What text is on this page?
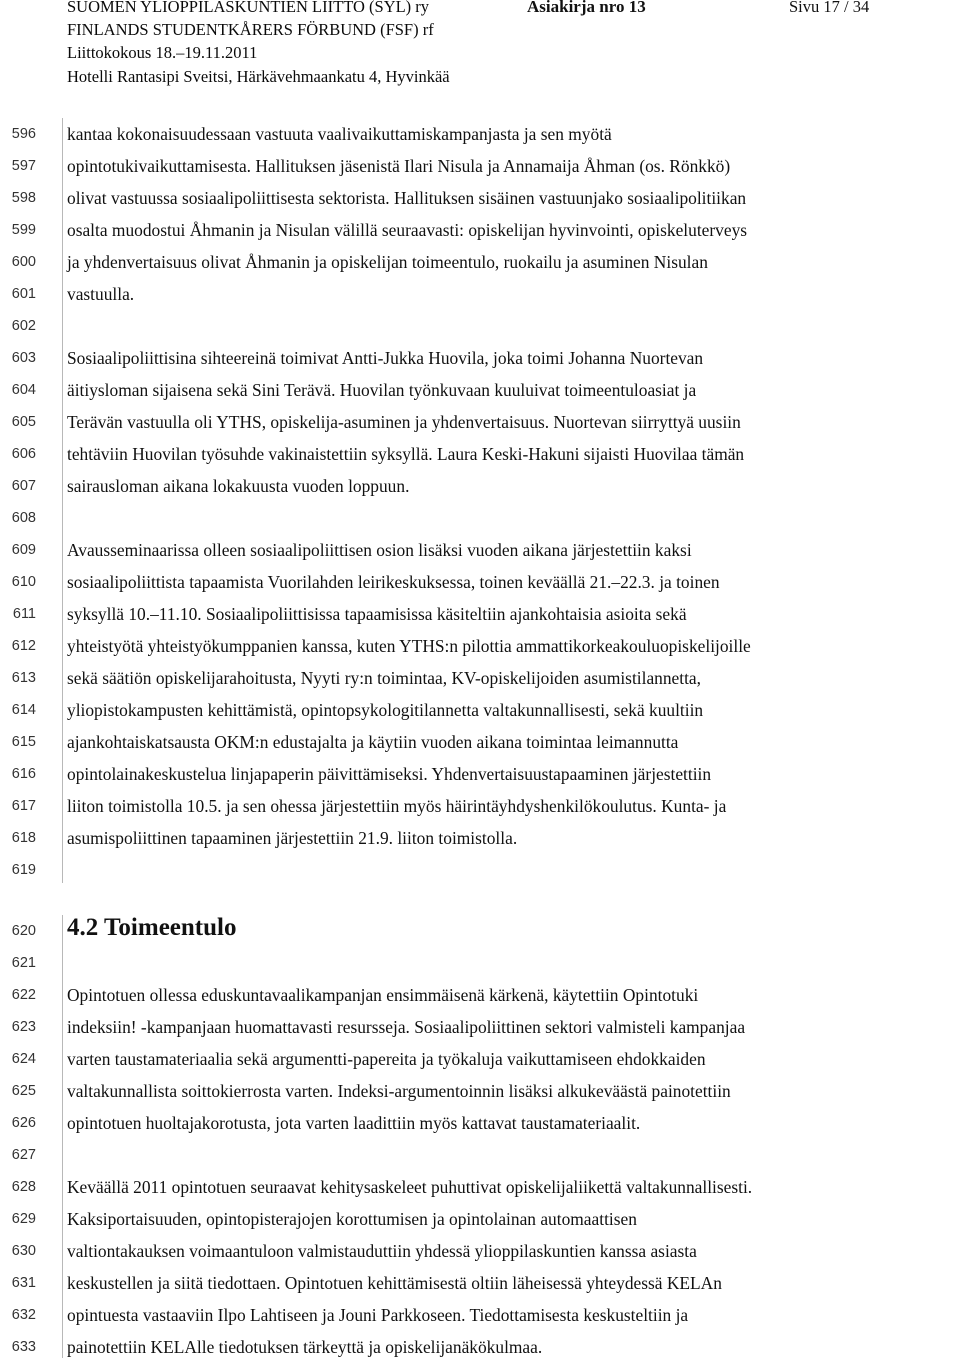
SUOMEN YLIOPPILASKUNTIEN LIITTO (SYL) ry	Asiakirja nro 13	Sivu 17 / 34
FINLANDS STUDENTKÅRERS FÖRBUND (FSF) rf
Liittokokous 18.–19.11.2011
Hotelli Rantasipi Sveitsi, Härkävehmaankatu 4, Hyvinkää
596
597
598
599
600
601
602
603
604
605
606
607
608
609
610
611
612
613
614
615
616
617
618
619
620
621
622
623
624
625
626
627
628
629
630
631
632
633
kantaa kokonaisuudessaan vastuuta vaalivaikuttamiskampanjasta ja sen myötä
opintotukivaikuttamisesta. Hallituksen jäsenistä Ilari Nisula ja Annamaija Åhman (os. Rönkkö)
olivat vastuussa sosiaalipoliittisesta sektorista. Hallituksen sisäinen vastuunjako sosiaalipolitiikan
osalta muodostui Åhmanin ja Nisulan välillä seuraavasti: opiskelijan hyvinvointi, opiskeluterveys
ja yhdenvertaisuus olivat Åhmanin ja opiskelijan toimeentulo, ruokailu ja asuminen Nisulan
vastuulla.
Sosiaalipoliittisina sihteereinä toimivat Antti-Jukka Huovila, joka toimi Johanna Nuortevan
äitiysloman sijaisena sekä Sini Terävä. Huovilan työnkuvaan kuuluivat toimeentuloasiat ja
Terävän vastuulla oli YTHS, opiskelija-asuminen ja yhdenvertaisuus. Nuortevan siirryttyä uusiin
tehtäviin Huovilan työsuhde vakinaistettiin syksyllä. Laura Keski-Hakuni sijaisti Huovilaa tämän
sairausloman aikana lokakuusta vuoden loppuun.
Avausseminaarissa olleen sosiaalipoliittisen osion lisäksi vuoden aikana järjestettiin kaksi
sosiaalipoliittista tapaamista Vuorilahden leirikeskuksessa, toinen keväällä 21.–22.3. ja toinen
syksyllä 10.–11.10. Sosiaalipoliittisissa tapaamisissa käsiteltiin ajankohtaisia asioita sekä
yhteistyötä yhteistyökumppanien kanssa, kuten YTHS:n pilottia ammattikorkeakouluopiskelijoille
sekä säätiön opiskelijarahoitusta, Nyyti ry:n toimintaa, KV-opiskelijoiden asumistilannetta,
yliopistokampusten kehittämistä, opintopsykologitilannetta valtakunnallisesti, sekä kuultiin
ajankohtaiskatsausta OKM:n edustajalta ja käytiin vuoden aikana toimintaa leimannutta
opintolainakeskustelua linjapaperin päivittämiseksi. Yhdenvertaisuustapaaminen järjestettiin
liiton toimistolla 10.5. ja sen ohessa järjestettiin myös häirintäyhdyshenkilökoulutus. Kunta- ja
asumispoliittinen tapaaminen järjestettiin 21.9. liiton toimistolla.
4.2 Toimeentulo
Opintotuen ollessa eduskuntavaalikampanjan ensimmäisenä kärkenä, käytettiin Opintotuki
indeksiin! -kampanjaan huomattavasti resursseja. Sosiaalipoliittinen sektori valmisteli kampanjaa
varten taustamateriaalia sekä argumentti-papereita ja työkaluja vaikuttamiseen ehdokkaiden
valtakunnallista soittokierrosta varten. Indeksi-argumentoinnin lisäksi alkukeväästä painotettiin
opintotuen huoltajakorotusta, jota varten laadittiin myös kattavat taustamateriaalit.
Keväällä 2011 opintotuen seuraavat kehitysaskeleet puhuttivat opiskelijaliikettä valtakunnallisesti.
Kaksiportaisuuden, opintopisterajojen korottumisen ja opintolainan automaattisen
valtiontakauksen voimaantuloon valmistauduttiin yhdessä ylioppilaskuntien kanssa asiasta
keskustellen ja siitä tiedottaen. Opintotuen kehittämisestä oltiin läheisessä yhteydessä KELAn
opintuesta vastaaviin Ilpo Lahtiseen ja Jouni Parkkoseen. Tiedottamisesta keskusteltiin ja
painotettiin KELAlle tiedotuksen tärkeyttä ja opiskelijanäkökulmaa.
